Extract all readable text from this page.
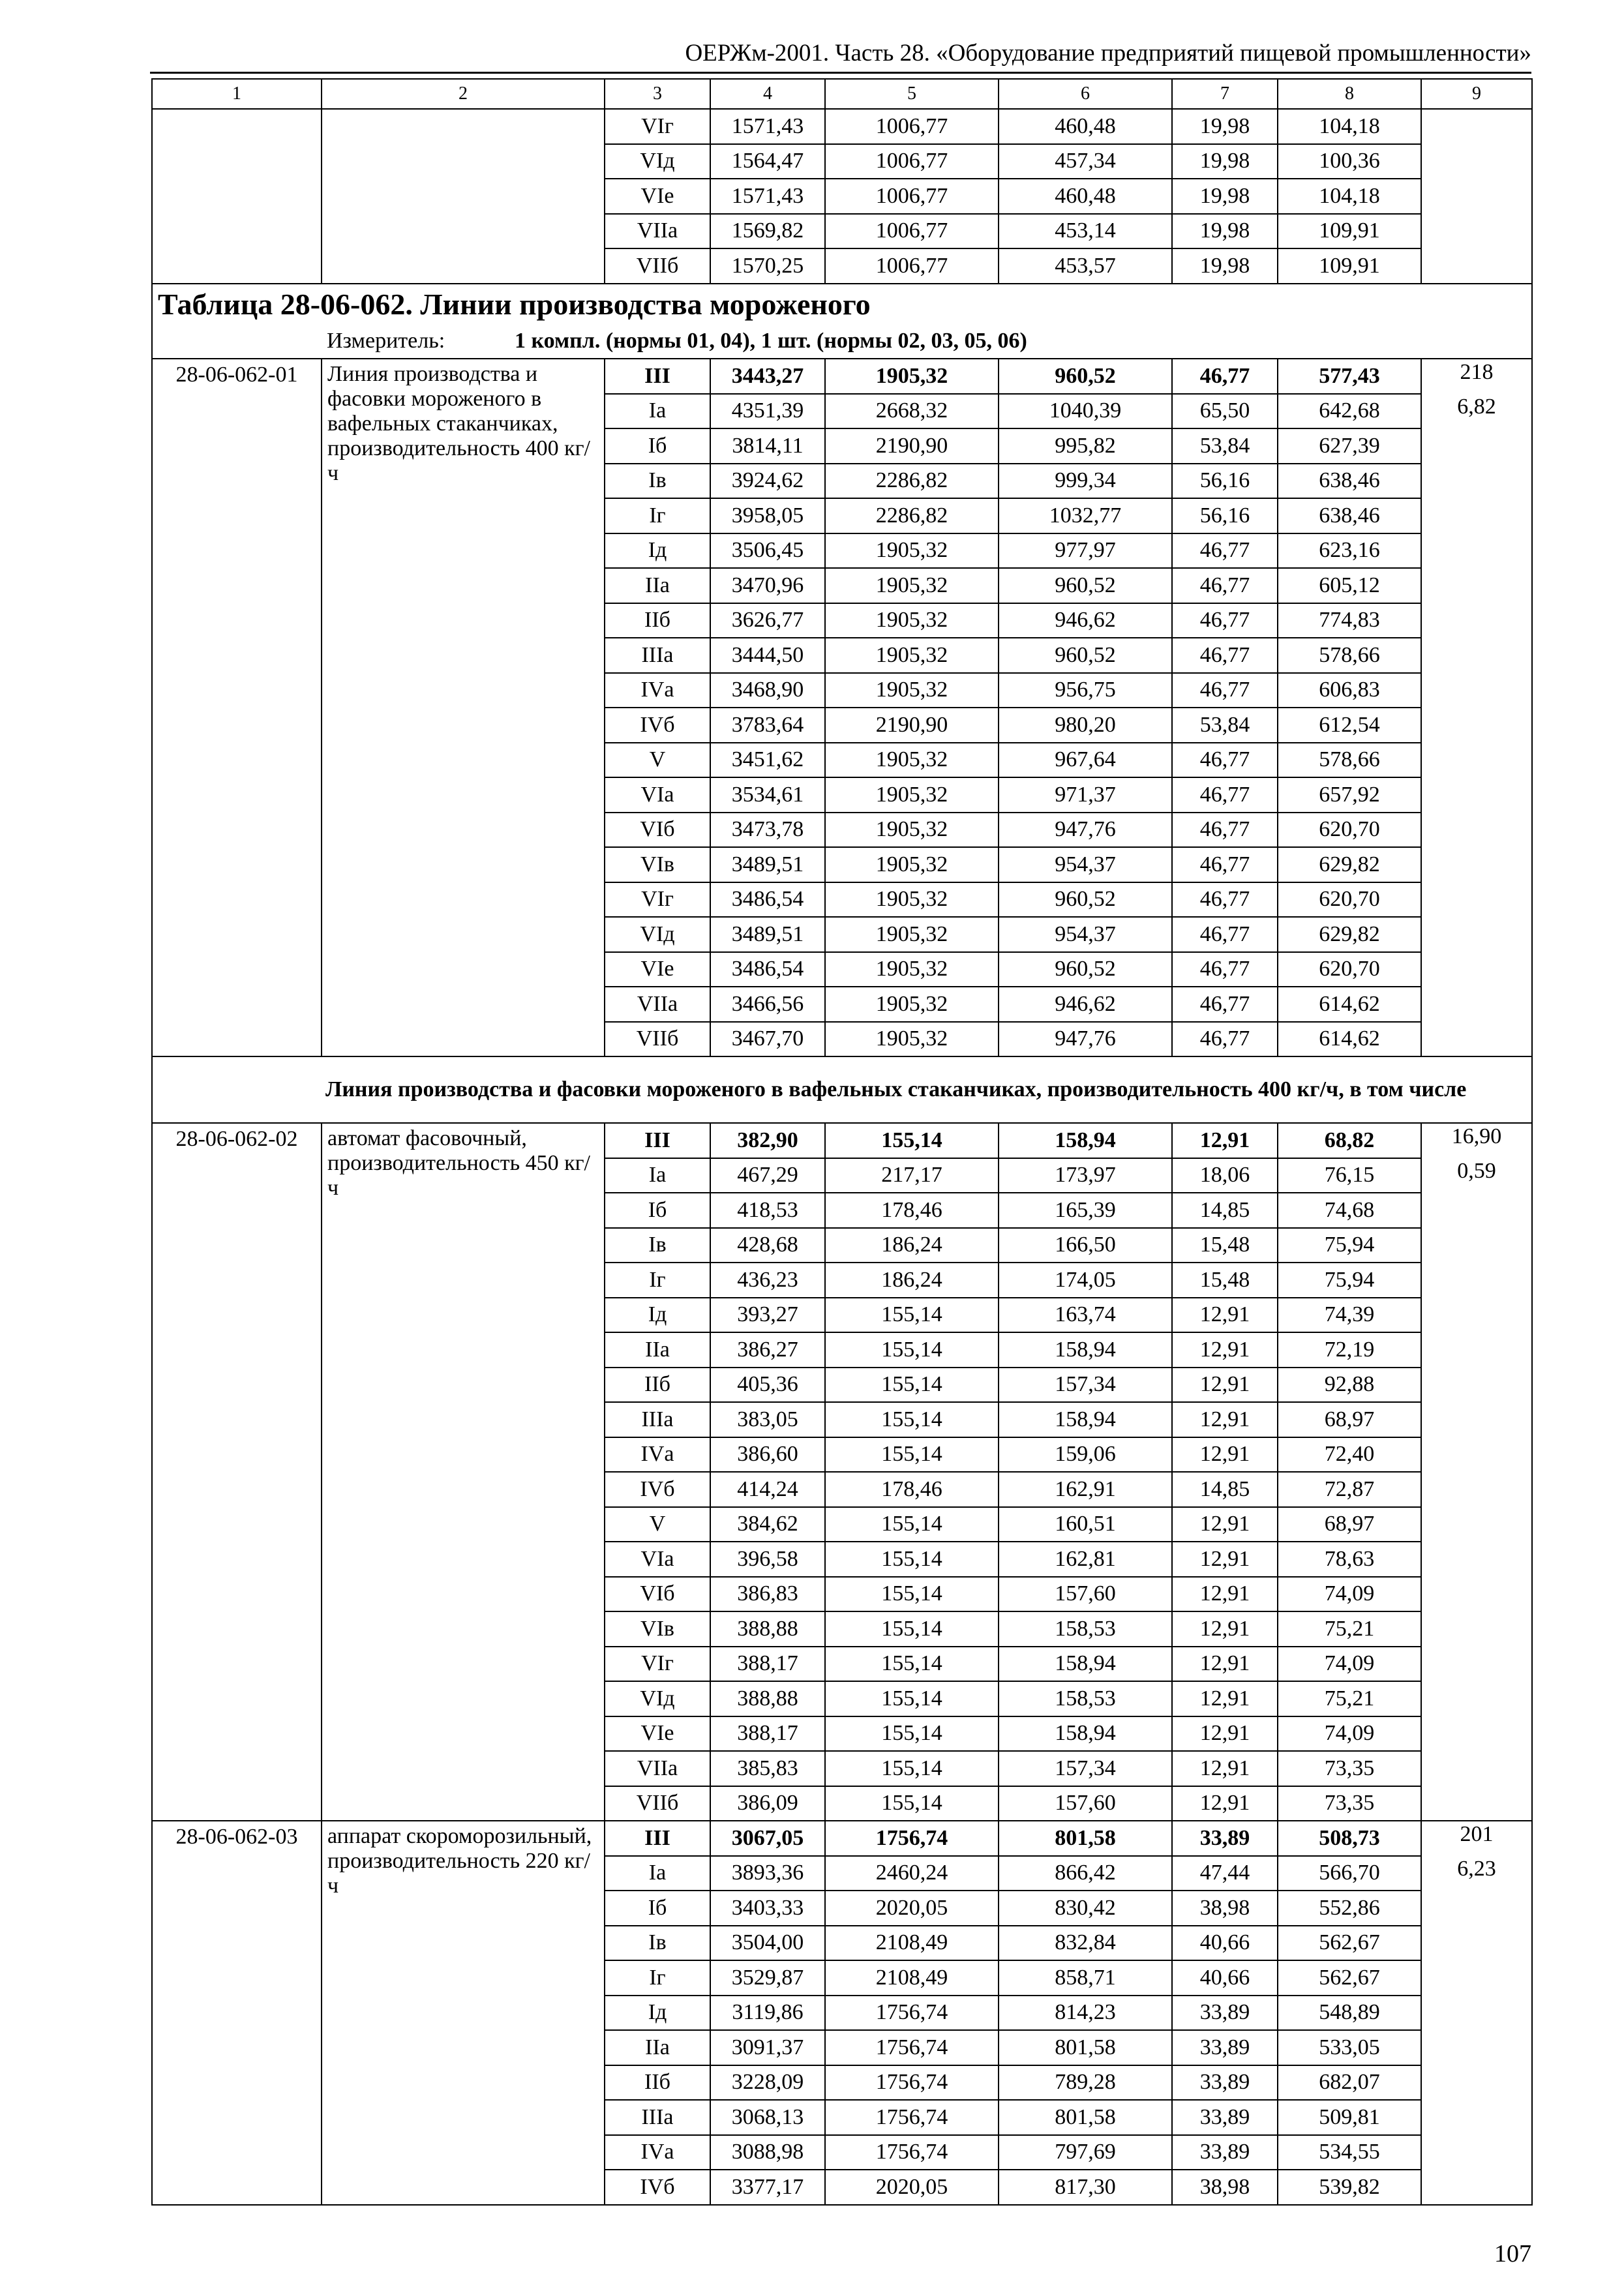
ОЕРЖм-2001. Часть 28. «Оборудование предприятий пищевой промышленности»
1	2	3	4	5	6	7	8	9
		VIг	1571,43	1006,77	460,48	19,98	104,18	
		VIд	1564,47	1006,77	457,34	19,98	100,36	
		VIе	1571,43	1006,77	460,48	19,98	104,18	
		VIIа	1569,82	1006,77	453,14	19,98	109,91	
		VIIб	1570,25	1006,77	453,57	19,98	109,91	
Таблица 28-06-062. Линии производства мороженого								
	Измеритель: 1 компл. (нормы 01, 04), 1 шт. (нормы 02, 03, 05, 06)							
28-06-062-01	Линия производства и фасовки мороженого в вафельных стаканчиках, производительность 400 кг/ч	III	3443,27	1905,32	960,52	46,77	577,43	218
		Iа	4351,39	2668,32	1040,39	65,50	642,68	6,82
		Iб	3814,11	2190,90	995,82	53,84	627,39	
		Iв	3924,62	2286,82	999,34	56,16	638,46	
		Iг	3958,05	2286,82	1032,77	56,16	638,46	
		Iд	3506,45	1905,32	977,97	46,77	623,16	
		IIа	3470,96	1905,32	960,52	46,77	605,12	
		IIб	3626,77	1905,32	946,62	46,77	774,83	
		IIIа	3444,50	1905,32	960,52	46,77	578,66	
		IVа	3468,90	1905,32	956,75	46,77	606,83	
		IVб	3783,64	2190,90	980,20	53,84	612,54	
		V	3451,62	1905,32	967,64	46,77	578,66	
		VIа	3534,61	1905,32	971,37	46,77	657,92	
		VIб	3473,78	1905,32	947,76	46,77	620,70	
		VIв	3489,51	1905,32	954,37	46,77	629,82	
		VIг	3486,54	1905,32	960,52	46,77	620,70	
		VIд	3489,51	1905,32	954,37	46,77	629,82	
		VIе	3486,54	1905,32	960,52	46,77	620,70	
		VIIа	3466,56	1905,32	946,62	46,77	614,62	
		VIIб	3467,70	1905,32	947,76	46,77	614,62	
	Линия производства и фасовки мороженого в вафельных стаканчиках, производительность 400 кг/ч, в том числе							
28-06-062-02	автомат фасовочный, производительность 450 кг/ч	III	382,90	155,14	158,94	12,91	68,82	16,90
		Iа	467,29	217,17	173,97	18,06	76,15	0,59
		Iб	418,53	178,46	165,39	14,85	74,68	
		Iв	428,68	186,24	166,50	15,48	75,94	
		Iг	436,23	186,24	174,05	15,48	75,94	
		Iд	393,27	155,14	163,74	12,91	74,39	
		IIа	386,27	155,14	158,94	12,91	72,19	
		IIб	405,36	155,14	157,34	12,91	92,88	
		IIIа	383,05	155,14	158,94	12,91	68,97	
		IVа	386,60	155,14	159,06	12,91	72,40	
		IVб	414,24	178,46	162,91	14,85	72,87	
		V	384,62	155,14	160,51	12,91	68,97	
		VIа	396,58	155,14	162,81	12,91	78,63	
		VIб	386,83	155,14	157,60	12,91	74,09	
		VIв	388,88	155,14	158,53	12,91	75,21	
		VIг	388,17	155,14	158,94	12,91	74,09	
		VIд	388,88	155,14	158,53	12,91	75,21	
		VIе	388,17	155,14	158,94	12,91	74,09	
		VIIа	385,83	155,14	157,34	12,91	73,35	
		VIIб	386,09	155,14	157,60	12,91	73,35	
28-06-062-03	аппарат скороморозильный, производительность 220 кг/ч	III	3067,05	1756,74	801,58	33,89	508,73	201
		Iа	3893,36	2460,24	866,42	47,44	566,70	6,23
		Iб	3403,33	2020,05	830,42	38,98	552,86	
		Iв	3504,00	2108,49	832,84	40,66	562,67	
		Iг	3529,87	2108,49	858,71	40,66	562,67	
		Iд	3119,86	1756,74	814,23	33,89	548,89	
		IIа	3091,37	1756,74	801,58	33,89	533,05	
		IIб	3228,09	1756,74	789,28	33,89	682,07	
		IIIа	3068,13	1756,74	801,58	33,89	509,81	
		IVа	3088,98	1756,74	797,69	33,89	534,55	
		IVб	3377,17	2020,05	817,30	38,98	539,82	
107
